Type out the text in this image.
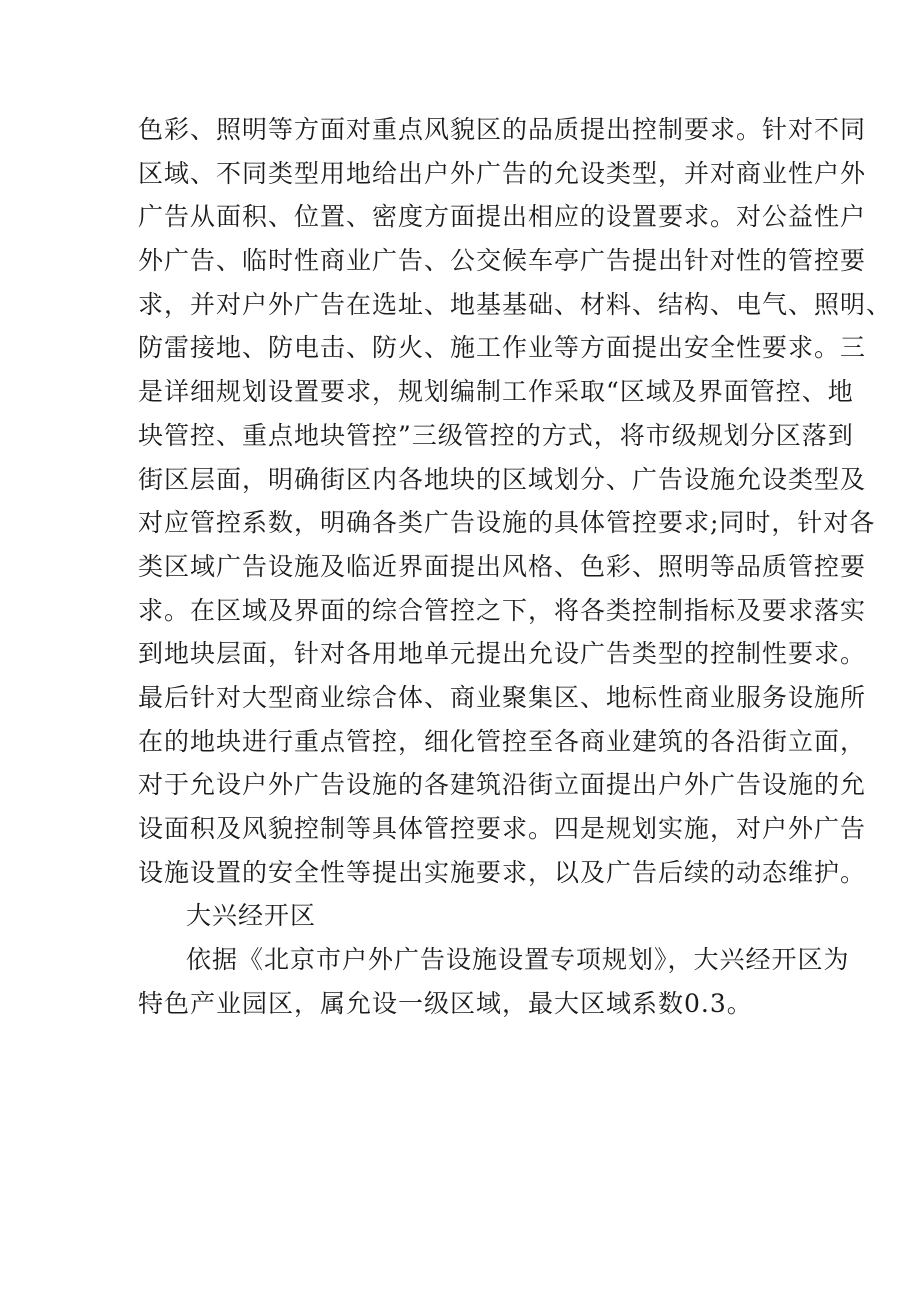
色彩、照明等方面对重点风貌区的品质提出控制要求。针对不同
区域、不同类型用地给出户外广告的允设类型，并对商业性户外
广告从面积、位置、密度方面提出相应的设置要求。对公益性户
外广告、临时性商业广告、公交候车亭广告提出针对性的管控要
求，并对户外广告在选址、地基基础、材料、结构、电气、照明、
防雷接地、防电击、防火、施工作业等方面提出安全性要求。三
是详细规划设置要求，规划编制工作采取“区域及界面管控、地
块管控、重点地块管控”三级管控的方式，将市级规划分区落到
街区层面，明确街区内各地块的区域划分、广告设施允设类型及
对应管控系数，明确各类广告设施的具体管控要求;同时，针对各
类区域广告设施及临近界面提出风格、色彩、照明等品质管控要
求。在区域及界面的综合管控之下，将各类控制指标及要求落实
到地块层面，针对各用地单元提出允设广告类型的控制性要求。
最后针对大型商业综合体、商业聚集区、地标性商业服务设施所
在的地块进行重点管控，细化管控至各商业建筑的各沿街立面，
对于允设户外广告设施的各建筑沿街立面提出户外广告设施的允
设面积及风貌控制等具体管控要求。四是规划实施，对户外广告
设施设置的安全性等提出实施要求，以及广告后续的动态维护。
大兴经开区
依据《北京市户外广告设施设置专项规划》，大兴经开区为
特色产业园区，属允设一级区域，最大区域系数0.3。
